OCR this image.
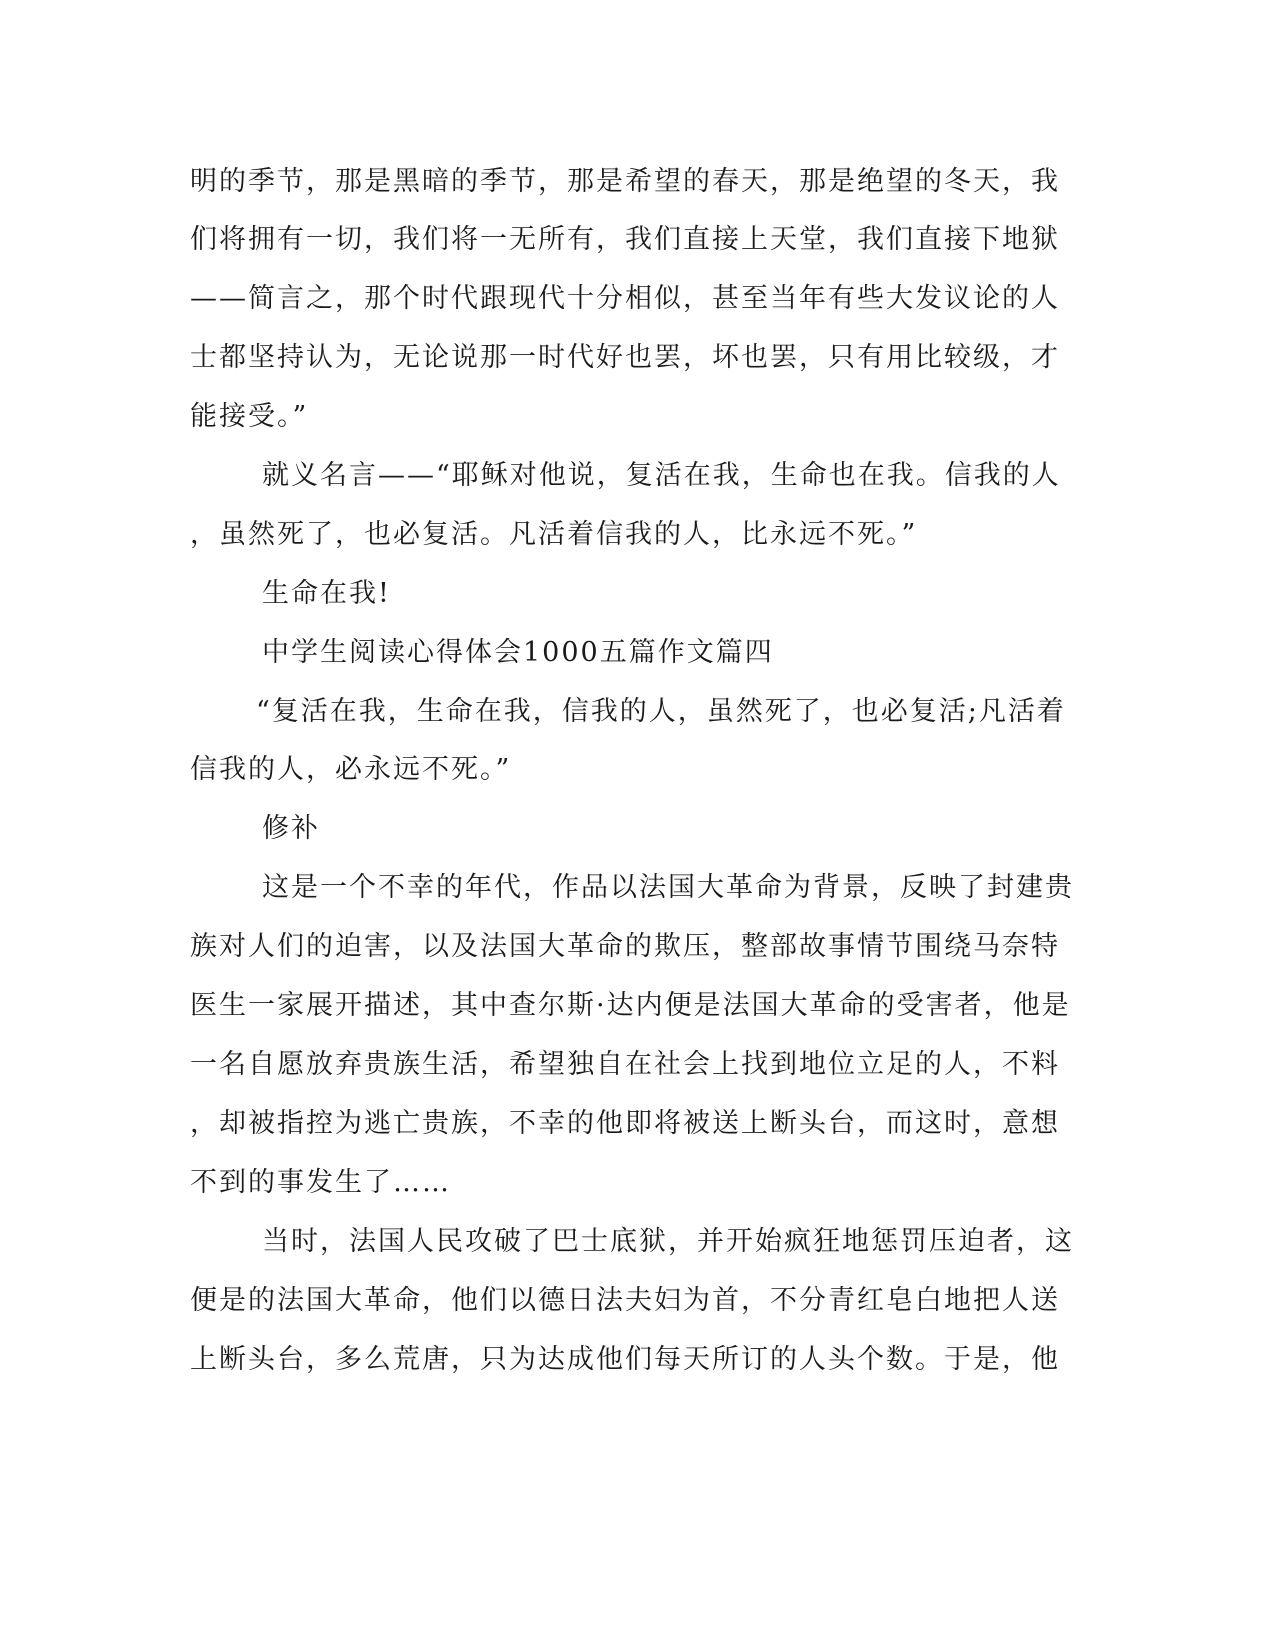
明的季节，那是黑暗的季节，那是希望的春天，那是绝望的冬天，我
们将拥有一切，我们将一无所有，我们直接上天堂，我们直接下地狱
——简言之，那个时代跟现代十分相似，甚至当年有些大发议论的人
士都坚持认为，无论说那一时代好也罢，坏也罢，只有用比较级，才
能接受。”
就义名言——“耶稣对他说，复活在我，生命也在我。信我的人
，虽然死了，也必复活。凡活着信我的人，比永远不死。”
生命在我!
中学生阅读心得体会1000五篇作文篇四
“复活在我，生命在我，信我的人，虽然死了，也必复活;凡活着
信我的人，必永远不死。”
修补
这是一个不幸的年代，作品以法国大革命为背景，反映了封建贵
族对人们的迫害，以及法国大革命的欺压，整部故事情节围绕马奈特
医生一家展开描述，其中查尔斯·达内便是法国大革命的受害者，他是
一名自愿放弃贵族生活，希望独自在社会上找到地位立足的人，不料
，却被指控为逃亡贵族，不幸的他即将被送上断头台，而这时，意想
不到的事发生了……
当时，法国人民攻破了巴士底狱，并开始疯狂地惩罚压迫者，这
便是的法国大革命，他们以德日法夫妇为首，不分青红皂白地把人送
上断头台，多么荒唐，只为达成他们每天所订的人头个数。于是，他
